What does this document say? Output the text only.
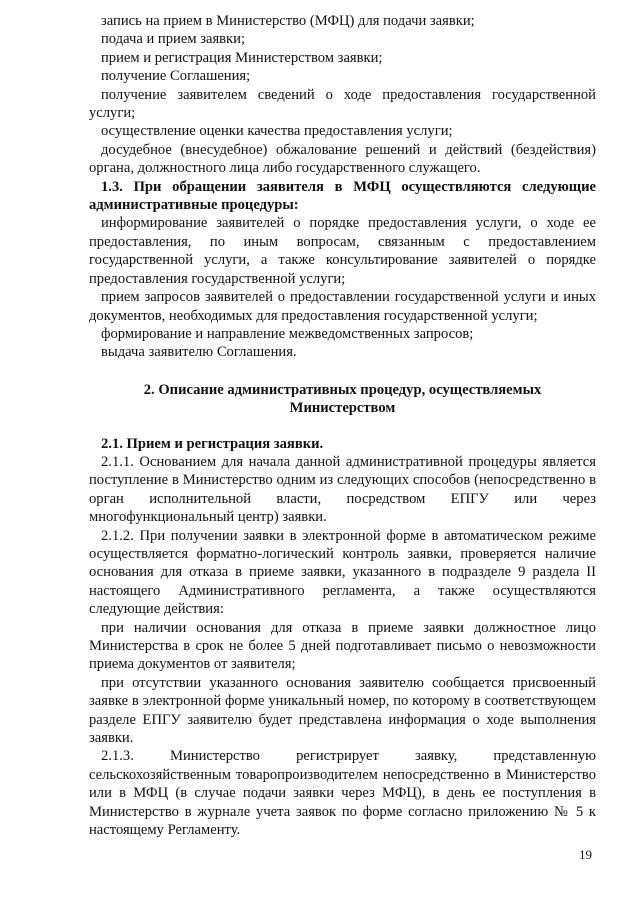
запись на прием в Министерство (МФЦ) для подачи заявки;

подача и прием заявки;

прием и регистрация Министерством заявки;

получение Соглашения;

получение заявителем сведений о ходе предоставления государственной услуги;

осуществление оценки качества предоставления услуги;

досудебное (внесудебное) обжалование решений и действий (бездействия) органа, должностного лица либо государственного служащего.

1.3. При обращении заявителя в МФЦ осуществляются следующие административные процедуры:

информирование заявителей о порядке предоставления услуги, о ходе ее предоставления, по иным вопросам, связанным с предоставлением государственной услуги, а также консультирование заявителей о порядке предоставления государственной услуги;

прием запросов заявителей о предоставлении государственной услуги и иных документов, необходимых для предоставления государственной услуги;

формирование и направление межведомственных запросов;

выдача заявителю Соглашения.

2. Описание административных процедур, осуществляемых Министерством

2.1. Прием и регистрация заявки.

2.1.1. Основанием для начала данной административной процедуры является поступление в Министерство одним из следующих способов (непосредственно в орган исполнительной власти, посредством ЕПГУ или через многофункциональный центр) заявки.

2.1.2. При получении заявки в электронной форме в автоматическом режиме осуществляется форматно-логический контроль заявки, проверяется наличие основания для отказа в приеме заявки, указанного в подразделе 9 раздела II настоящего Административного регламента, а также осуществляются следующие действия:

при наличии основания для отказа в приеме заявки должностное лицо Министерства в срок не более 5 дней подготавливает письмо о невозможности приема документов от заявителя;

при отсутствии указанного основания заявителю сообщается присвоенный заявке в электронной форме уникальный номер, по которому в соответствующем разделе ЕПГУ заявителю будет представлена информация о ходе выполнения заявки.

2.1.3. Министерство регистрирует заявку, представленную сельскохозяйственным товаропроизводителем непосредственно в Министерство или в МФЦ (в случае подачи заявки через МФЦ), в день ее поступления в Министерство в журнале учета заявок по форме согласно приложению № 5 к настоящему Регламенту.

19
